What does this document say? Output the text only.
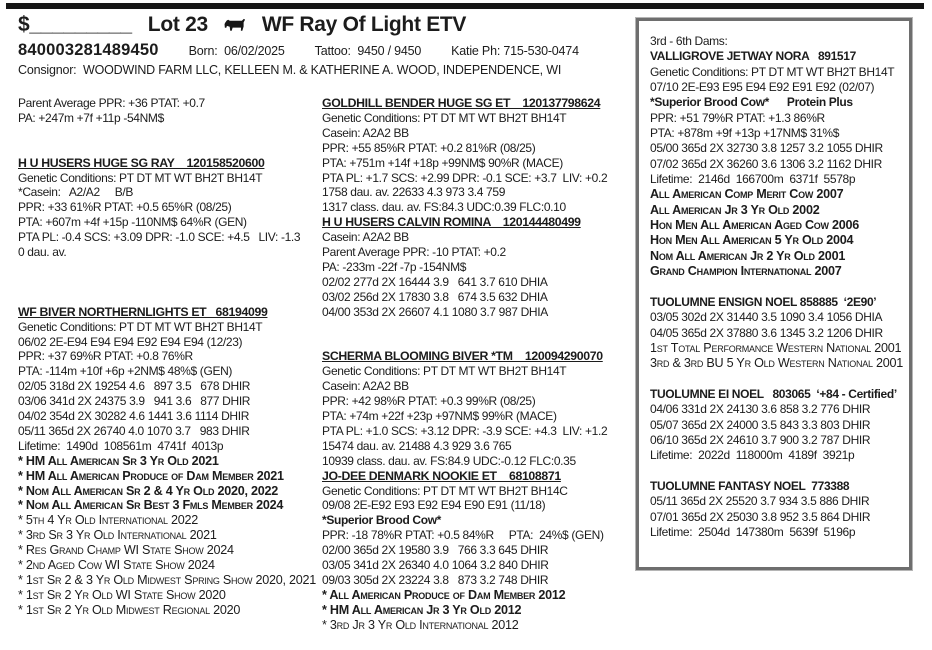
$_________ Lot 23	WF Ray Of Light ETV
840003281489450 Born: 06/02/2025 Tattoo: 9450 / 9450 Katie Ph: 715-530-0474
Consignor: WOODWIND FARM LLC, KELLEEN M. & KATHERINE A. WOOD, INDEPENDENCE, WI
Parent Average PPR: +36 PTAT: +0.7
PA: +247m +7f +11p -54NM$

H U HUSERS HUGE SG RAY    120158520600
Genetic Conditions: PT DT MT WT BH2T BH14T
*Casein:   A2/A2     B/B
PPR: +33 61%R PTAT: +0.5 65%R (08/25)
PTA: +607m +4f +15p -110NM$ 64%R (GEN)
PTA PL: -0.4 SCS: +3.09 DPR: -1.0 SCE: +4.5   LIV: -1.3
0 dau. av.

WF BIVER NORTHERNLIGHTS ET   68194099
Genetic Conditions: PT DT MT WT BH2T BH14T
06/02 2E-E94 E94 E94 E92 E94 E94 (12/23)
PPR: +37 69%R PTAT: +0.8 76%R
PTA: -114m +10f +6p +2NM$ 48%$ (GEN)
02/05 318d 2X 19254 4.6   897 3.5   678 DHIR
03/06 341d 2X 24375 3.9   941 3.6   877 DHIR
04/02 354d 2X 30282 4.6 1441 3.6 1114 DHIR
05/11 365d 2X 26740 4.0 1070 3.7   983 DHIR
Lifetime:  1490d  108561m  4741f  4013p
* HM All American Sr 3 Yr Old 2021
* HM All American Produce of Dam Member 2021
* Nom All American Sr 2 & 4 Yr Old 2020, 2022
* Nom All American Sr Best 3 Fmls Member 2024
* 5th 4 Yr Old International 2022
* 3rd Sr 3 Yr Old International 2021
* Res Grand Champ WI State Show 2024
* 2nd Aged Cow WI State Show 2024
* 1st Sr 2 & 3 Yr Old Midwest Spring Show 2020, 2021
* 1st Sr 2 Yr Old WI State Show 2020
* 1st Sr 2 Yr Old Midwest Regional 2020
GOLDHILL BENDER HUGE SG ET    120137798624
Genetic Conditions: PT DT MT WT BH2T BH14T
Casein: A2A2 BB
PPR: +55 85%R PTAT: +0.2 81%R (08/25)
PTA: +751m +14f +18p +99NM$ 90%R (MACE)
PTA PL: +1.7 SCS: +2.99 DPR: -0.1 SCE: +3.7  LIV: +0.2
1758 dau. av. 22633 4.3 973 3.4 759
1317 class. dau. av. FS:84.3 UDC:0.39 FLC:0.10
H U HUSERS CALVIN ROMINA    120144480499
Casein: A2A2 BB
Parent Average PPR: -10 PTAT: +0.2
PA: -233m -22f -7p -154NM$
02/02 277d 2X 16444 3.9   641 3.7 610 DHIA
03/02 256d 2X 17830 3.8   674 3.5 632 DHIA
04/00 353d 2X 26607 4.1 1080 3.7 987 DHIA

SCHERMA BLOOMING BIVER *TM    120094290070
Genetic Conditions: PT DT MT WT BH2T BH14T
Casein: A2A2 BB
PPR: +42 98%R PTAT: +0.3 99%R (08/25)
PTA: +74m +22f +23p +97NM$ 99%R (MACE)
PTA PL: +1.0 SCS: +3.12 DPR: -3.9 SCE: +4.3  LIV: +1.2
15474 dau. av. 21488 4.3 929 3.6 765
10939 class. dau. av. FS:84.9 UDC:-0.12 FLC:0.35
JO-DEE DENMARK NOOKIE ET    68108871
Genetic Conditions: PT DT MT WT BH2T BH14C
09/08 2E-E92 E93 E92 E94 E90 E91 (11/18)
*Superior Brood Cow*
PPR: -18 78%R PTAT: +0.5 84%R     PTA:  24%$ (GEN)
02/00 365d 2X 19580 3.9   766 3.3 645 DHIR
03/05 341d 2X 26340 4.0 1064 3.2 840 DHIR
09/03 305d 2X 23224 3.8   873 3.2 748 DHIR
* All American Produce of Dam Member 2012
* HM All American Jr 3 Yr Old 2012
* 3rd Jr 3 Yr Old International 2012
3rd - 6th Dams:
VALLIGROVE JETWAY NORA   891517
Genetic Conditions: PT DT MT WT BH2T BH14T
07/10 2E-E93 E95 E94 E92 E91 E92 (02/07)
*Superior Brood Cow*      Protein Plus
PPR: +51 79%R PTAT: +1.3 86%R
PTA: +878m +9f +13p +17NM$ 31%$
05/00 365d 2X 32730 3.8 1257 3.2 1055 DHIR
07/02 365d 2X 36260 3.6 1306 3.2 1162 DHIR
Lifetime:  2146d  166700m  6371f  5578p
All American Comp Merit Cow 2007
All American Jr 3 Yr Old 2002
Hon Men All American Aged Cow 2006
Hon Men All American 5 Yr Old 2004
Nom All American Jr 2 Yr Old 2001
Grand Champion International 2007

TUOLUMNE ENSIGN NOEL 858885  ‘2E90’
03/05 302d 2X 31440 3.5 1090 3.4 1056 DHIA
04/05 365d 2X 37880 3.6 1345 3.2 1206 DHIR
1st Total Performance Western National 2001
3rd & 3rd BU 5 Yr Old Western National 2001

TUOLUMNE EI NOEL   803065  ‘+84 - Certified’
04/06 331d 2X 24130 3.6 858 3.2 776 DHIR
05/07 365d 2X 24000 3.5 843 3.3 803 DHIR
06/10 365d 2X 24610 3.7 900 3.2 787 DHIR
Lifetime:  2022d  118000m  4189f  3921p

TUOLUMNE FANTASY NOEL  773388
05/11 365d 2X 25520 3.7 934 3.5 886 DHIR
07/01 365d 2X 25030 3.8 952 3.5 864 DHIR
Lifetime:  2504d  147380m  5639f  5196p
